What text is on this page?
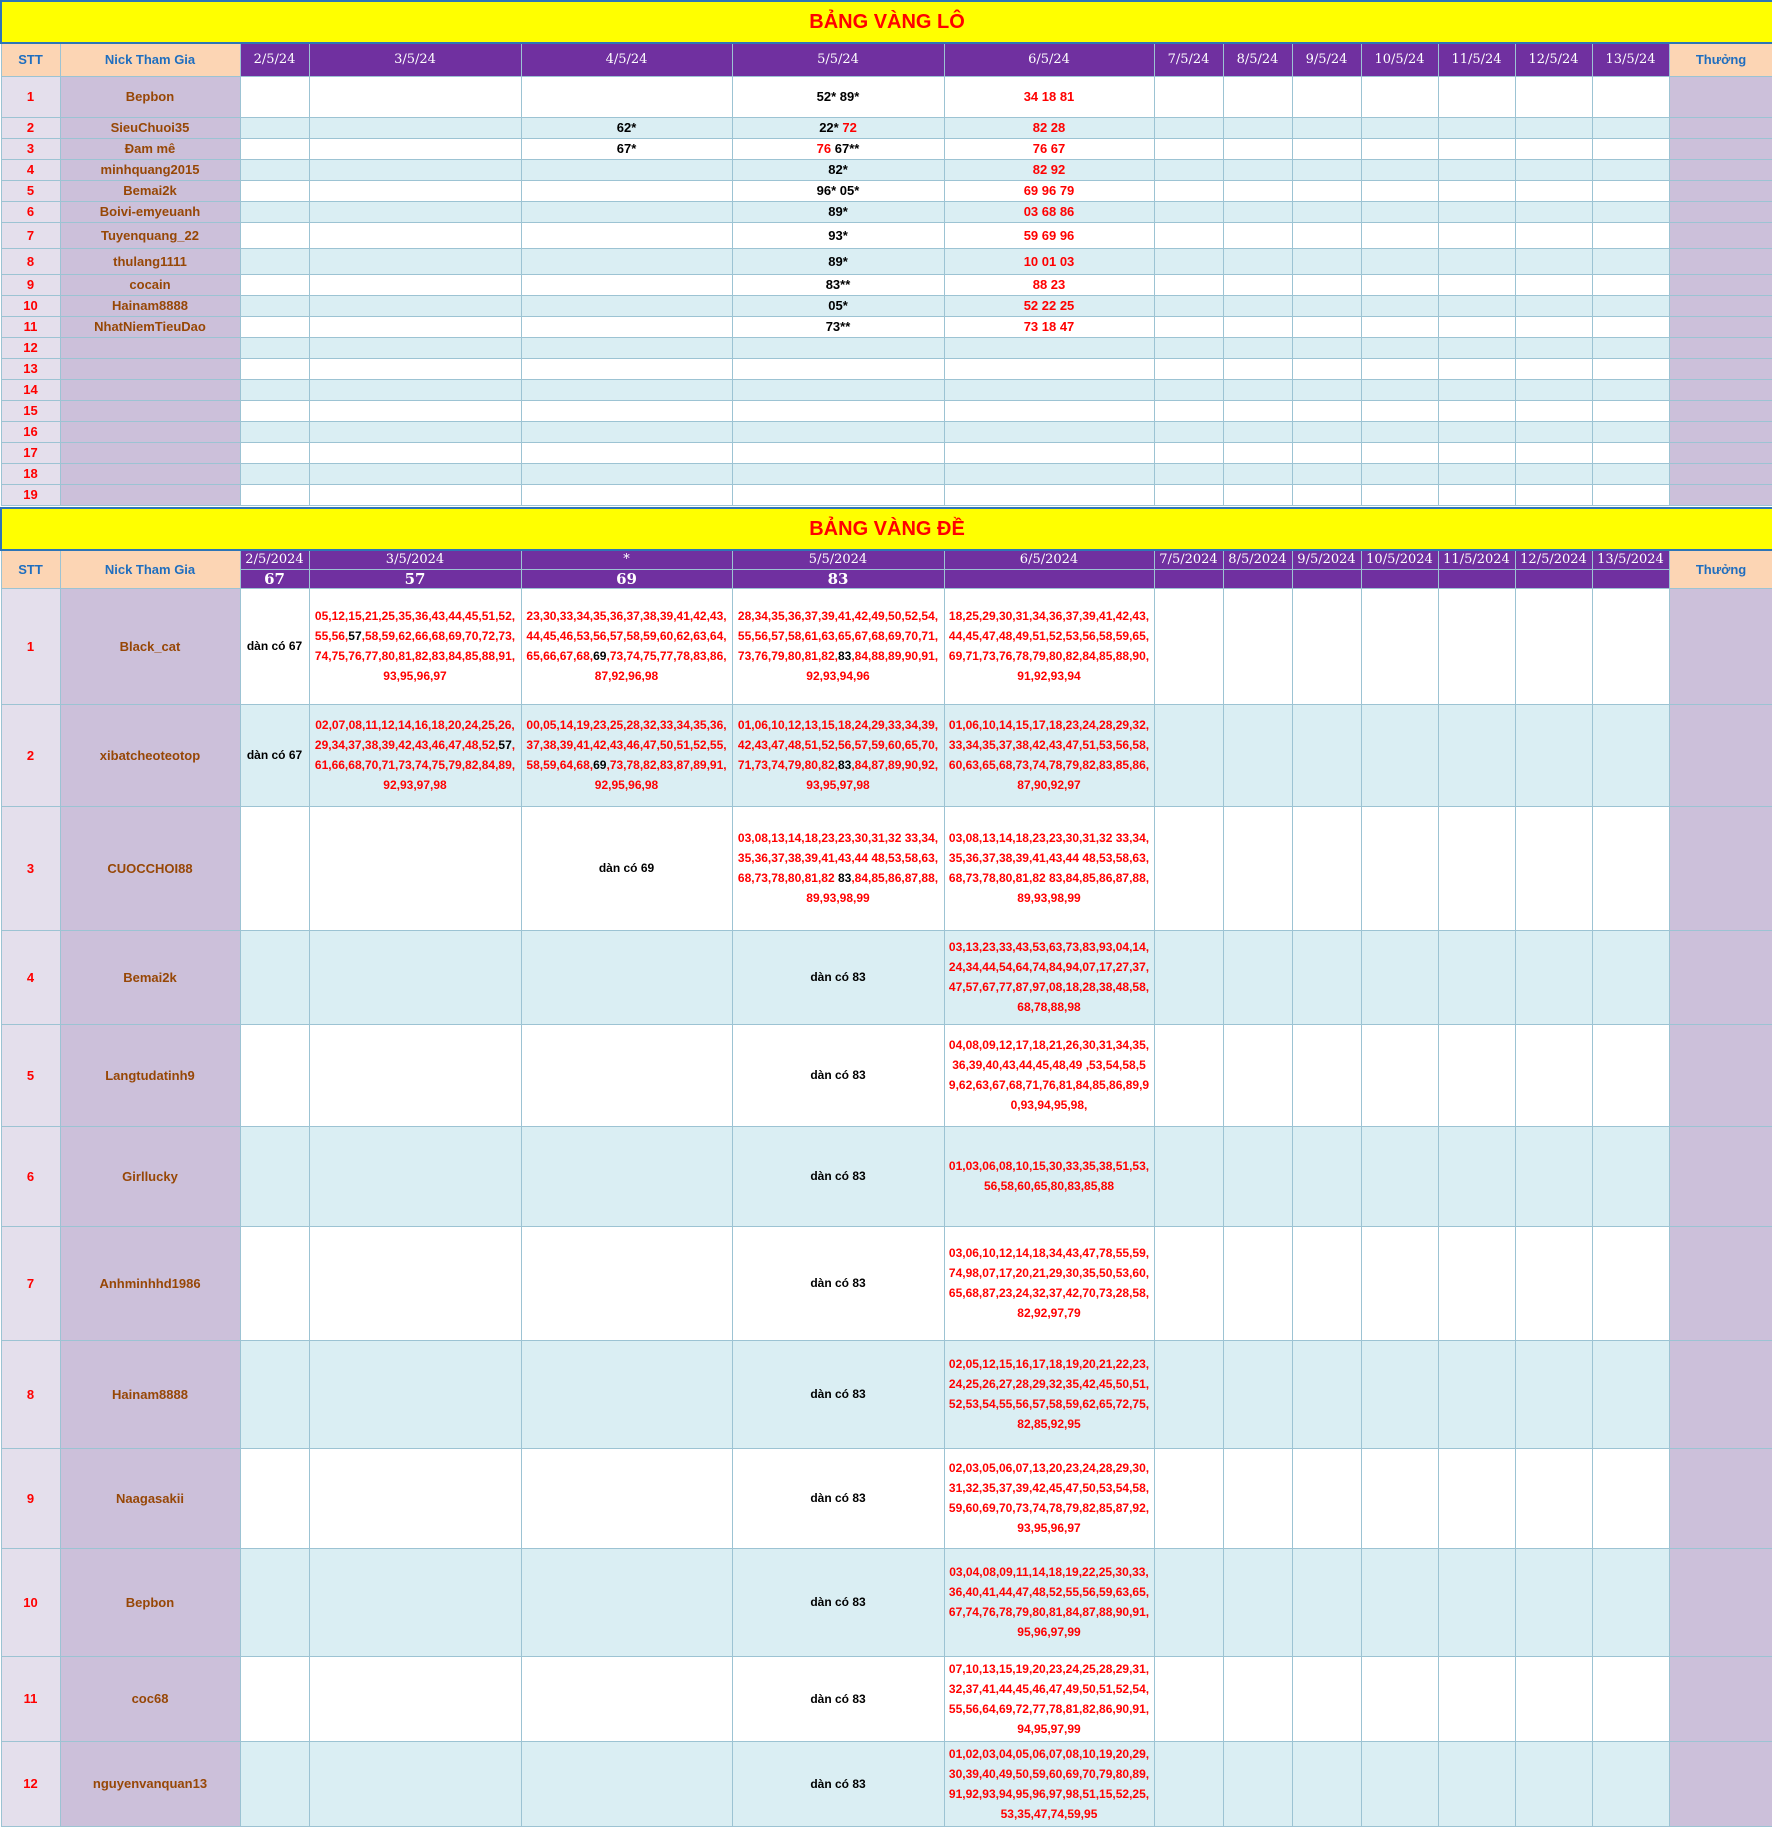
BẢNG VÀNG LÔ														
STT	Nick Tham Gia	2/5/24	3/5/24	4/5/24	5/5/24	6/5/24	7/5/24	8/5/24	9/5/24	10/5/24	11/5/24	12/5/24	13/5/24	Thưởng
1	Bepbon				52* 89*	34 18 81								
2	SieuChuoi35			62*	22* 72	82 28								
3	Đam mê			67*	76 67**	76 67								
4	minhquang2015				82*	82 92								
5	Bemai2k				96* 05*	69 96 79								
6	Boivi-emyeuanh				89*	03 68 86								
7	Tuyenquang_22				93*	59 69 96								
8	thulang1111				89*	10 01 03								
9	cocain				83**	88 23								
10	Hainam8888				05*	52 22 25								
11	NhatNiemTieuDao				73**	73 18 47								
12														
13														
14														
15														
16														
17														
18														
19														

BẢNG VÀNG ĐỀ														
STT	Nick Tham Gia	2/5/2024	3/5/2024	*	5/5/2024	6/5/2024	7/5/2024	8/5/2024	9/5/2024	10/5/2024	11/5/2024	12/5/2024	13/5/2024	Thưởng
		67	57	69	83									
1	Black_cat	dàn có 67	05,12,15,21,25,35,36,43,44,45,51,52,55,56,57,58,59,62,66,68,69,70,72,73,74,75,76,77,80,81,82,83,84,85,88,91,93,95,96,97	23,30,33,34,35,36,37,38,39,41,42,43,44,45,46,53,56,57,58,59,60,62,63,64,65,66,67,68,69,73,74,75,77,78,83,86,87,92,96,98	28,34,35,36,37,39,41,42,49,50,52,54,55,56,57,58,61,63,65,67,68,69,70,71,73,76,79,80,81,82,83,84,88,89,90,91,92,93,94,96	18,25,29,30,31,34,36,37,39,41,42,43,44,45,47,48,49,51,52,53,56,58,59,65,69,71,73,76,78,79,80,82,84,85,88,90,91,92,93,94								
2	xibatcheoteotop	dàn có 67	02,07,08,11,12,14,16,18,20,24,25,26,29,34,37,38,39,42,43,46,47,48,52,57,61,66,68,70,71,73,74,75,79,82,84,89,92,93,97,98	00,05,14,19,23,25,28,32,33,34,35,36,37,38,39,41,42,43,46,47,50,51,52,55,58,59,64,68,69,73,78,82,83,87,89,91,92,95,96,98	01,06,10,12,13,15,18,24,29,33,34,39,42,43,47,48,51,52,56,57,59,60,65,70,71,73,74,79,80,82,83,84,87,89,90,92,93,95,97,98	01,06,10,14,15,17,18,23,24,28,29,32,33,34,35,37,38,42,43,47,51,53,56,58,60,63,65,68,73,74,78,79,82,83,85,86,87,90,92,97								
3	CUOCCHOI88			dàn có 69	03,08,13,14,18,23,23,30,31,32 33,34,35,36,37,38,39,41,43,44 48,53,58,63,68,73,78,80,81,82 83,84,85,86,87,88,89,93,98,99	03,08,13,14,18,23,23,30,31,32 33,34,35,36,37,38,39,41,43,44 48,53,58,63,68,73,78,80,81,82 83,84,85,86,87,88,89,93,98,99								
4	Bemai2k				dàn có 83	03,13,23,33,43,53,63,73,83,93,04,14,24,34,44,54,64,74,84,94,07,17,27,37,47,57,67,77,87,97,08,18,28,38,48,58,68,78,88,98								
5	Langtudatinh9				dàn có 83	04,08,09,12,17,18,21,26,30,31,34,35,36,39,40,43,44,45,48,49 ,53,54,58,59,62,63,67,68,71,76,81,84,85,86,89,90,93,94,95,98,								
6	Girllucky				dàn có 83	01,03,06,08,10,15,30,33,35,38,51,53,56,58,60,65,80,83,85,88								
7	Anhminhhd1986				dàn có 83	03,06,10,12,14,18,34,43,47,78,55,59,74,98,07,17,20,21,29,30,35,50,53,60,65,68,87,23,24,32,37,42,70,73,28,58,82,92,97,79								
8	Hainam8888				dàn có 83	02,05,12,15,16,17,18,19,20,21,22,23,24,25,26,27,28,29,32,35,42,45,50,51,52,53,54,55,56,57,58,59,62,65,72,75,82,85,92,95								
9	Naagasakii				dàn có 83	02,03,05,06,07,13,20,23,24,28,29,30,31,32,35,37,39,42,45,47,50,53,54,58,59,60,69,70,73,74,78,79,82,85,87,92,93,95,96,97								
10	Bepbon				dàn có 83	03,04,08,09,11,14,18,19,22,25,30,33,36,40,41,44,47,48,52,55,56,59,63,65,67,74,76,78,79,80,81,84,87,88,90,91,95,96,97,99								
11	coc68				dàn có 83	07,10,13,15,19,20,23,24,25,28,29,31,32,37,41,44,45,46,47,49,50,51,52,54,55,56,64,69,72,77,78,81,82,86,90,91,94,95,97,99								
12	nguyenvanquan13				dàn có 83	01,02,03,04,05,06,07,08,10,19,20,29,30,39,40,49,50,59,60,69,70,79,80,89,91,92,93,94,95,96,97,98,51,15,52,25,53,35,47,74,59,95								
